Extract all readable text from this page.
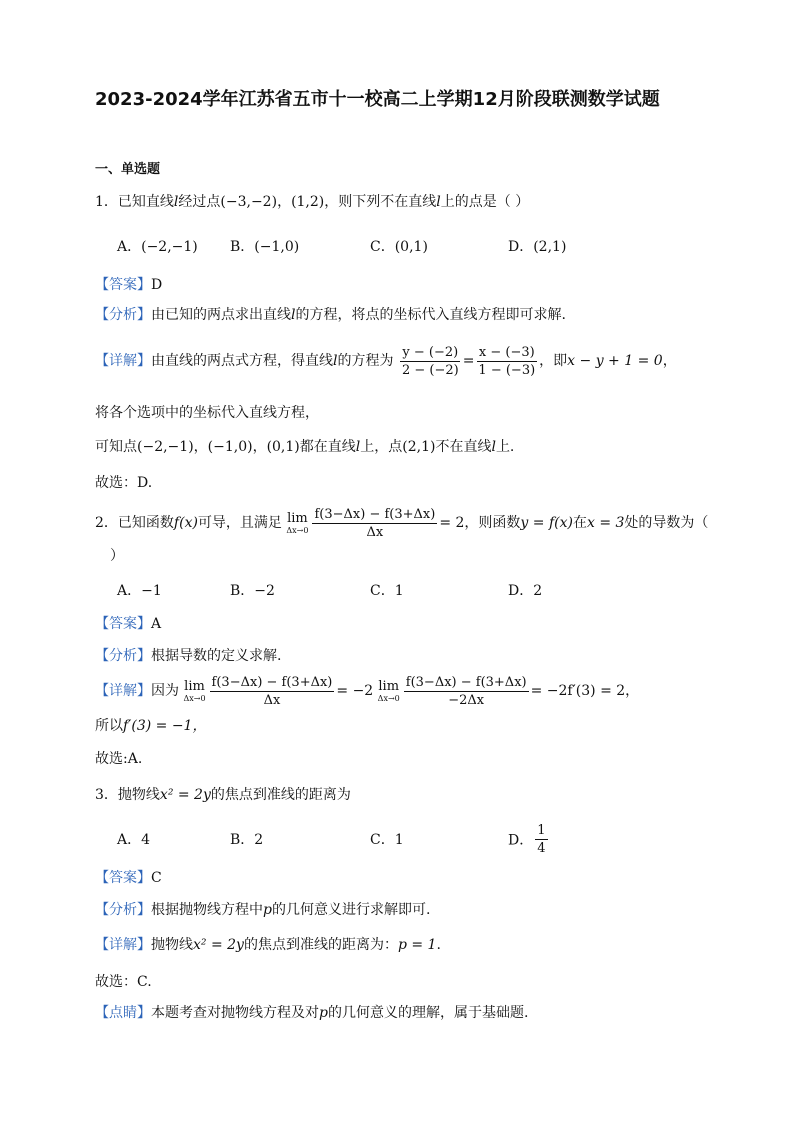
2023-2024学年江苏省五市十一校高二上学期12月阶段联测数学试题
一、单选题
1．已知直线l经过点(−3,−2)，(1,2)，则下列不在直线l上的点是（ ）
A．(−2,−1) B．(−1,0)	C．(0,1)	D．(2,1)
【答案】D
【分析】由已知的两点求出直线l的方程，将点的坐标代入直线方程即可求解.
【详解】由直线的两点式方程，得直线l的方程为 $\frac{y - (-2)}{2 - (-2)} = \frac{x - (-3)}{1 - (-3)}$ ，即x − y + 1 = 0，
将各个选项中的坐标代入直线方程，
可知点(−2,−1)，(−1,0)，(0,1)都在直线l上，点(2,1)不在直线l上.
故选：D.
2．已知函数f(x)可导，且满足 lim
$\Delta x\to 0 \frac{f(3-\Delta x) - f(3+\Delta x)}{\Delta x} = 2$，则函数y = f(x)在x = 3处的导数为（
）
A．−1	B．−2	C．1	D．2
【答案】A
【分析】根据导数的定义求解.
【详解】因为 lim
$\Delta x\to 0 \frac{f(3-\Delta x) - f(3+\Delta x)}{\Delta x} = -2$ lim
$\Delta x\to 0 \frac{f(3-\Delta x) - f(3+\Delta x)}{-2\Delta x} = -2f'(3) = 2$，
所以f′(3) = −1，
故选:A.
3．抛物线x² = 2y的焦点到准线的距离为
A．4	B．2	C．1	D． $\frac{1}{4}$
【答案】C
【分析】根据抛物线方程中p的几何意义进行求解即可.
【详解】抛物线x² = 2y的焦点到准线的距离为：p = 1.
故选：C.
【点睛】本题考查对抛物线方程及对p的几何意义的理解，属于基础题.
